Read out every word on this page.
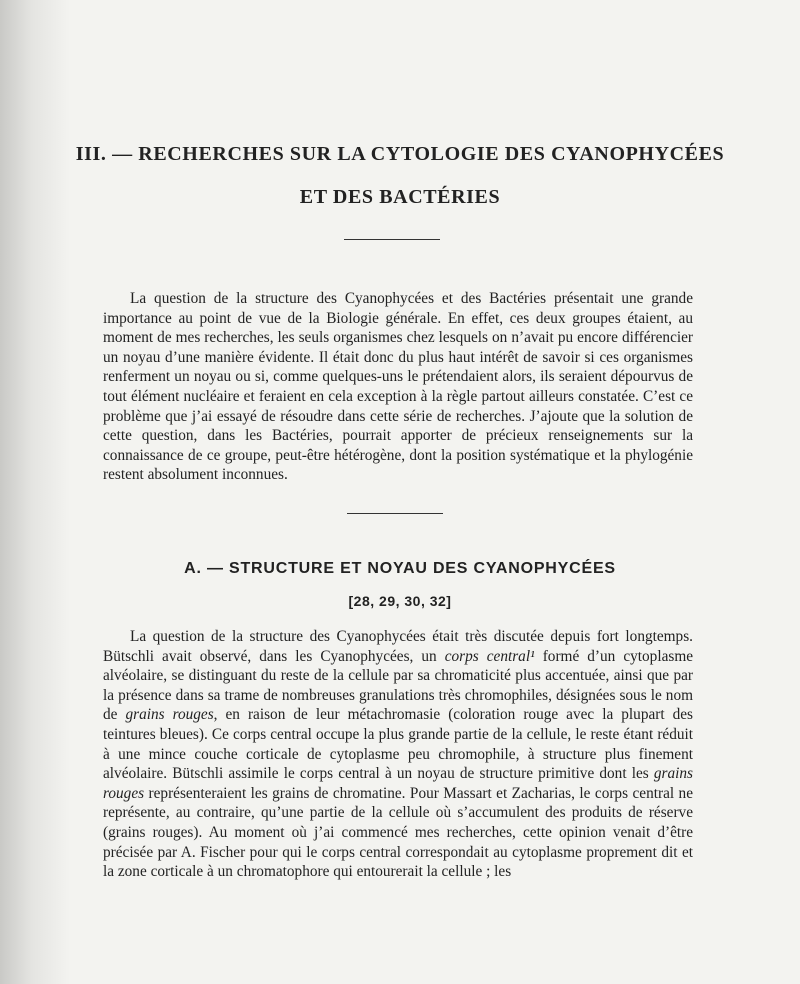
III. — RECHERCHES SUR LA CYTOLOGIE DES CYANOPHYCÉES
ET DES BACTÉRIES

La question de la structure des Cyanophycées et des Bactéries présentait une grande importance au point de vue de la Biologie générale. En effet, ces deux groupes étaient, au moment de mes recherches, les seuls organismes chez lesquels on n’avait pu encore différencier un noyau d’une manière évidente. Il était donc du plus haut intérêt de savoir si ces organismes renferment un noyau ou si, comme quelques-uns le prétendaient alors, ils seraient dépourvus de tout élément nucléaire et feraient en cela exception à la règle partout ailleurs constatée. C’est ce problème que j’ai essayé de résoudre dans cette série de recherches. J’ajoute que la solution de cette question, dans les Bactéries, pourrait apporter de précieux renseignements sur la connaissance de ce groupe, peut-être hétérogène, dont la position systématique et la phylogénie restent absolument inconnues.

A. — STRUCTURE ET NOYAU DES CYANOPHYCÉES
[28, 29, 30, 32]

La question de la structure des Cyanophycées était très discutée depuis fort longtemps. Bütschli avait observé, dans les Cyanophycées, un corps central¹ formé d’un cytoplasme alvéolaire, se distinguant du reste de la cellule par sa chromaticité plus accentuée, ainsi que par la présence dans sa trame de nombreuses granulations très chromophiles, désignées sous le nom de grains rouges, en raison de leur métachromasie (coloration rouge avec la plupart des teintures bleues). Ce corps central occupe la plus grande partie de la cellule, le reste étant réduit à une mince couche corticale de cytoplasme peu chromophile, à structure plus finement alvéolaire. Bütschli assimile le corps central à un noyau de structure primitive dont les grains rouges représenteraient les grains de chromatine. Pour Massart et Zacharias, le corps central ne représente, au contraire, qu’une partie de la cellule où s’accumulent des produits de réserve (grains rouges). Au moment où j’ai commencé mes recherches, cette opinion venait d’être précisée par A. Fischer pour qui le corps central correspondait au cytoplasme proprement dit et la zone corticale à un chromatophore qui entourerait la cellule ; les
